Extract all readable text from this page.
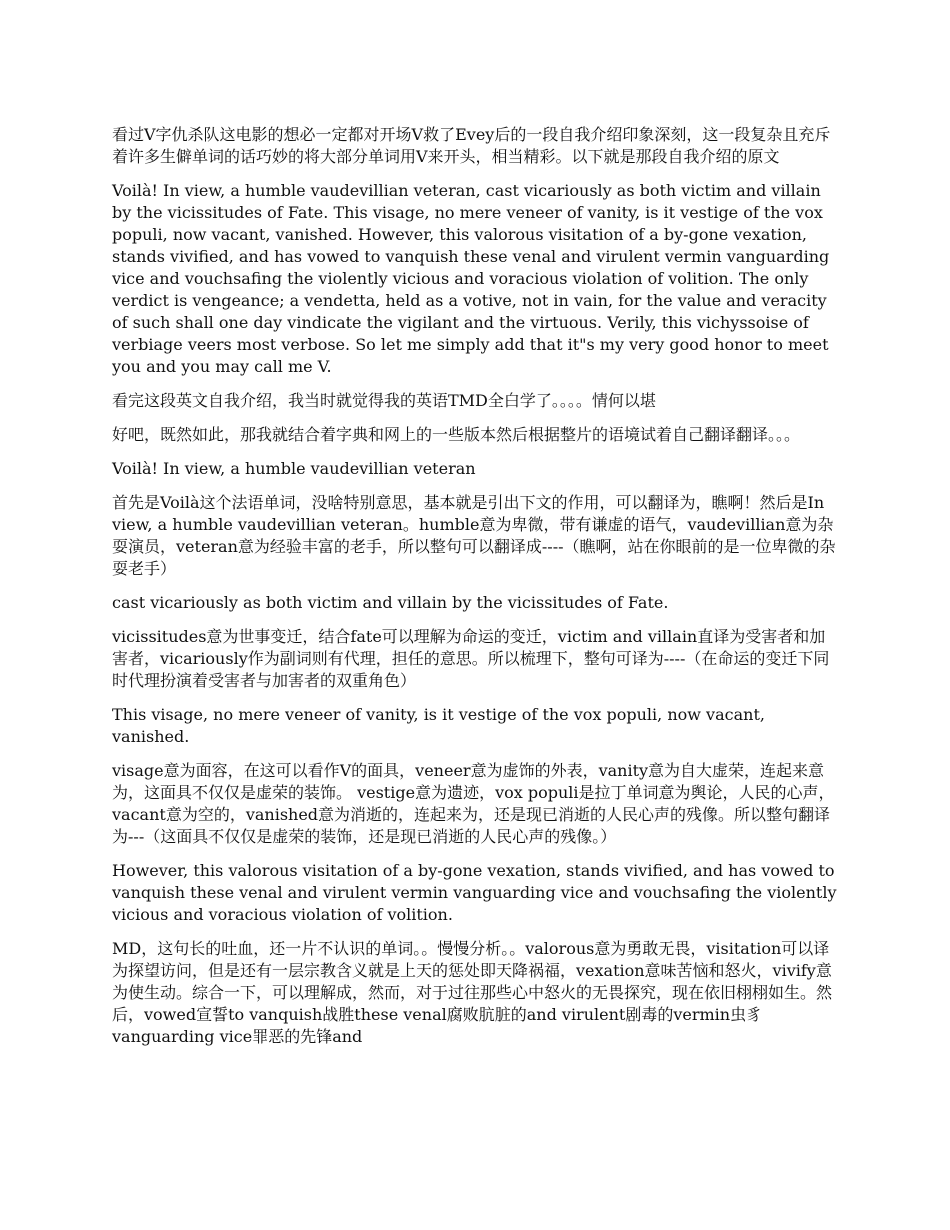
看过V字仇杀队这电影的想必一定都对开场V救了Evey后的一段自我介绍印象深刻，这一段复杂且充斥着许多生僻单词的话巧妙的将大部分单词用V来开头，相当精彩。以下就是那段自我介绍的原文

Voilà! In view, a humble vaudevillian veteran, cast vicariously as both victim and villain by the vicissitudes of Fate. This visage, no mere veneer of vanity, is it vestige of the vox populi, now vacant, vanished. However, this valorous visitation of a by-gone vexation, stands vivified, and has vowed to vanquish these venal and virulent vermin vanguarding vice and vouchsafing the violently vicious and voracious violation of volition. The only verdict is vengeance; a vendetta, held as a votive, not in vain, for the value and veracity of such shall one day vindicate the vigilant and the virtuous. Verily, this vichyssoise of verbiage veers most verbose. So let me simply add that it"s my very good honor to meet you and you may call me V.

看完这段英文自我介绍，我当时就觉得我的英语TMD全白学了。。。。情何以堪

好吧，既然如此，那我就结合着字典和网上的一些版本然后根据整片的语境试着自己翻译翻译。。。

Voilà! In view, a humble vaudevillian veteran

首先是Voilà这个法语单词，没啥特别意思，基本就是引出下文的作用，可以翻译为，瞧啊！然后是In view, a humble vaudevillian veteran。humble意为卑微，带有谦虚的语气，vaudevillian意为杂耍演员，veteran意为经验丰富的老手，所以整句可以翻译成----（瞧啊，站在你眼前的是一位卑微的杂耍老手）

cast vicariously as both victim and villain by the vicissitudes of Fate.

vicissitudes意为世事变迁，结合fate可以理解为命运的变迁，victim and villain直译为受害者和加害者，vicariously作为副词则有代理，担任的意思。所以梳理下，整句可译为----（在命运的变迁下同时代理扮演着受害者与加害者的双重角色）

This visage, no mere veneer of vanity, is it vestige of the vox populi, now vacant, vanished.

visage意为面容，在这可以看作V的面具，veneer意为虚饰的外表，vanity意为自大虚荣，连起来意为，这面具不仅仅是虚荣的装饰。 vestige意为遗迹，vox populi是拉丁单词意为舆论，人民的心声， vacant意为空的，vanished意为消逝的，连起来为，还是现已消逝的人民心声的残像。所以整句翻译为---（这面具不仅仅是虚荣的装饰，还是现已消逝的人民心声的残像。）

However, this valorous visitation of a by-gone vexation, stands vivified, and has vowed to vanquish these venal and virulent vermin vanguarding vice and vouchsafing the violently vicious and voracious violation of volition.

MD，这句长的吐血，还一片不认识的单词。。慢慢分析。。valorous意为勇敢无畏，visitation可以译为探望访问，但是还有一层宗教含义就是上天的惩处即天降祸福，vexation意味苦恼和怒火，vivify意为使生动。综合一下，可以理解成，然而，对于过往那些心中怒火的无畏探究，现在依旧栩栩如生。然后，vowed宣誓to vanquish战胜these venal腐败肮脏的and virulent剧毒的vermin虫豸 vanguarding vice罪恶的先锋and
